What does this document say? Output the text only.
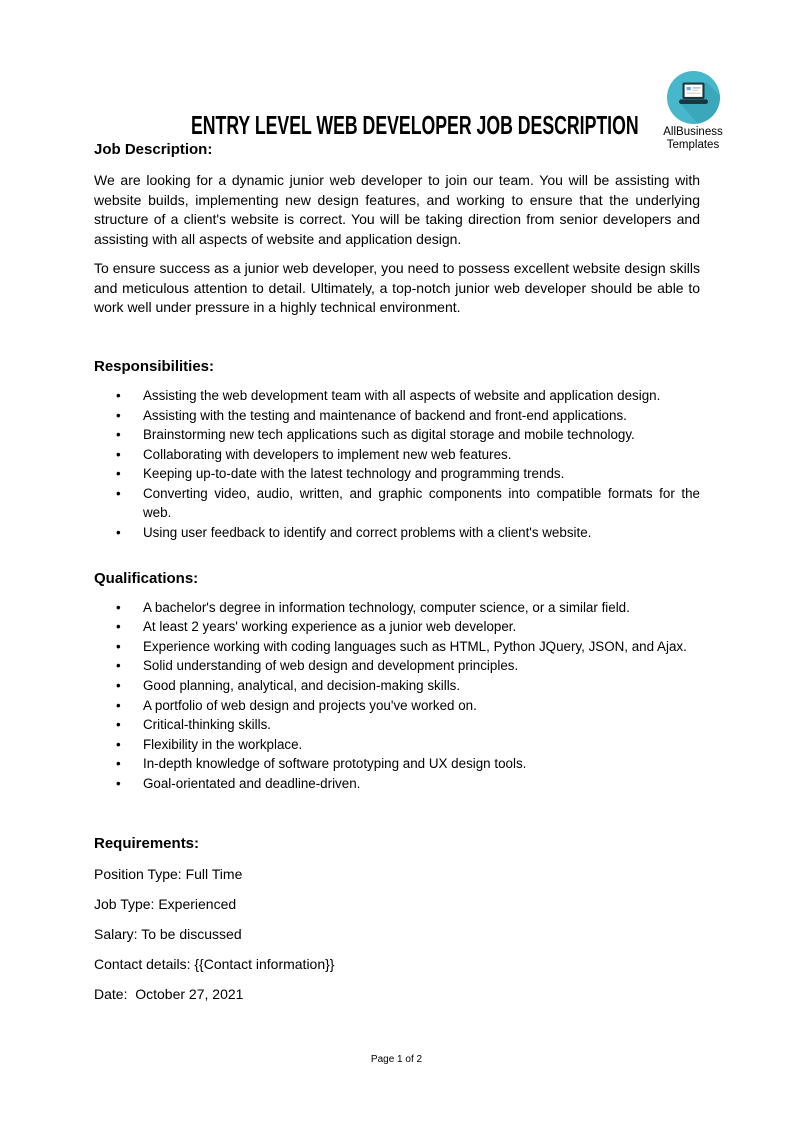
AllBusiness
Templates
ENTRY LEVEL WEB DEVELOPER JOB DESCRIPTION
Job Description:

We are looking for a dynamic junior web developer to join our team. You will be assisting with website builds, implementing new design features, and working to ensure that the underlying structure of a client's website is correct. You will be taking direction from senior developers and assisting with all aspects of website and application design.

To ensure success as a junior web developer, you need to possess excellent website design skills and meticulous attention to detail. Ultimately, a top-notch junior web developer should be able to work well under pressure in a highly technical environment.

Responsibilities:
• Assisting the web development team with all aspects of website and application design.
• Assisting with the testing and maintenance of backend and front-end applications.
• Brainstorming new tech applications such as digital storage and mobile technology.
• Collaborating with developers to implement new web features.
• Keeping up-to-date with the latest technology and programming trends.
• Converting video, audio, written, and graphic components into compatible formats for the web.
• Using user feedback to identify and correct problems with a client's website.
Qualifications:
• A bachelor's degree in information technology, computer science, or a similar field.
• At least 2 years' working experience as a junior web developer.
• Experience working with coding languages such as HTML, Python JQuery, JSON, and Ajax.
• Solid understanding of web design and development principles.
• Good planning, analytical, and decision-making skills.
• A portfolio of web design and projects you've worked on.
• Critical-thinking skills.
• Flexibility in the workplace.
• In-depth knowledge of software prototyping and UX design tools.
• Goal-orientated and deadline-driven.
Requirements:

Position Type: Full Time

Job Type: Experienced

Salary: To be discussed

Contact details: {{Contact information}}

Date:  October 27, 2021

Page 1 of 2
